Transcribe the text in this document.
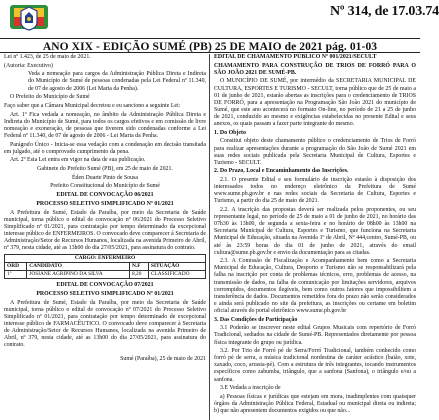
Nº 314, de 17.03.74
ANO XIX - EDIÇÃO SUMÉ (PB) 25 DE MAIO de 2021 pág. 01-03

Lei nº 1.423, de 25 de maio de 2021.

(Autoria: Executivo)

Veda a nomeação para cargos da Administração Pública Direta e Indireta do Município de Sumé de pessoas condenadas pela Lei Federal nº 11.340, de 07 de agosto de 2006 (Lei Maria da Penha).

O Prefeito do Município de Sumé

Faço saber que a Câmara Municipal decretou e eu sanciono a seguinte Lei:

Art. 1º Fica vedada a nomeação, no âmbito da Administração Pública Direta e Indireta do Município de Sumé, para todos os cargos efetivos e em comissão de livre nomeação e exoneração, de pessoas que tiverem sido condenadas conforme a Lei Federal nº 11.340, de 07 de agosto de 2006 - Lei Maria da Penha.

Parágrafo Único - Inicia-se essa vedação com a condenação em decisão transitada em julgado, até o comprovado cumprimento da pena.

Art. 2º Esta Lei entra em vigor na data de sua publicação.

Gabinete do Prefeito Sumé (PB), em 25 de maio de 2021.

Éden Duarte Pinto de Sousa

Prefeito Constitucional do Município de Sumé

EDITAL DE CONVOCAÇÃO 06/2021

PROCESSO SELETIVO SIMPLIFICADO Nº 01/2021

A Prefeitura de Sumé, Estado da Paraíba, por meio da Secretaria de Saúde municipal, torna público o edital de convocação nº 06/2021 do Processo Seletivo Simplificado nº 01/2021, para contratação por tempo determinado da excepcional interesse público de ENFERMEIROS. O convocado deve comparecer à Secretaria de Administração/Setor de Recursos Humanos, localizada na avenida Primeiro de Abril, nº 379, nesta cidade, até as 13h00 do dia 27/05/2021, para assinatura do contrato.

CARGO: ENFERMEIRO			
ORD	CANDIDATO	N.F	SITUAÇÃO
1º	JOSIANE AGRIPINO DA SILVA	8,20	CLASSIFICADO

EDITAL DE CONVOCAÇÃO 07/2021

PROCESSO SELETIVO SIMPLIFICADO Nº 01/2021

A Prefeitura de Sumé, Estado da Paraíba, por meio da Secretaria de Saúde municipal, torna público o edital de convocação nº 07/2021 do Processo Seletivo Simplificado nº 01/2021, para contratação por tempo determinado de excepcional interesse público de FARMACÊUTICO. O convocado deve comparecer à Secretaria de Administração/Setor de Recursos Humanos, localizada na avenida Primeiro de Abril, nº 379, nesta cidade, até as 13h00 do dia 27/05/2021, para assinatura do contrato.

Sumé (Paraíba), 25 de maio de 2021

EDITAL DE CHAMAMENTO PÚBLICO Nº 001/2021/SECULT

CHAMAMENTO PARA CONSTRUÇÃO DE TRIOS DE FORRÓ PARA O SÃO JOÃO 2021 DE SUMÉ-PB.

O MUNICÍPIO DE SUMÉ, por intermédio da SECRETARIA MUNICIPAL DE CULTURA, ESPORTES E TURISMO - SECULT, torna público que de 25 de maio a 01 de junho de 2021, estarão abertas as inscrições para o credenciamento de TRIOS DE FORRÓ, para a apresentação na Programação São João 2021 do município de Sumé, que este ano acontecerá no formato On-line, no período de 21 a 25 de junho de 2021, conduzido ao mesmo e exigências estabelecidas no presente Edital e seus anexos, os quais passam a fazer parte integrante do mesmo.

1. Do Objeto

Constitui objeto deste chamamento público o credenciamento de Trios de Forró para realizar apresentações durante a programação do São João de Sumé 2021 em suas redes sociais publicada pela Secretaria Municipal de Cultura, Esportes e Turismo - SECULT.

2. Do Prazo, Local e Encaminhamento das Inscrições.

2.1. O presente Edital e seu formulário de inscrição estarão à disposição dos interessados todos no endereço eletrônico da Prefeitura de Sumé www.sume.pb.gov.br e nas redes sociais da Secretaria de Cultura, Esportes e Turismo, a partir do dia 25 de maio de 2021.

2.2. A inscrição das propostas deverá ser realizada pelos proponentes, ou seu representante legal, no período de 25 de maio a 01 de junho de 2021, no horário das 07h30 às 13h00, de segunda a sexta-feira e no horário de 08h00 às 13h00 na Secretaria Municipal de Cultura, Esportes e Turismo, que funciona na Secretaria Municipal de Educação, situada na Avenida 1º de Abril, Nº 444,centro, Sumé-PB, ou até às 23:59 horas do dia 01 de junho de 2021, através do email cultura@sume.pb.gov.br e envio da documentação para as citadas.

2.3. A Comissão de Fiscalização e Acompanhamento bem como a Secretaria Municipal de Educação, Cultura, Desporto e Turismo não se responsabilizará pela falha na inscrição por conta de problemas técnicos, erro, problemas de acesso, na transmissão de dados, na falha de comunicação por limitações servidores, arquivos corrompidos, documentos ilegíveis, bem como outros fatores que impossibilitem a transferência de dados. Documentos remetidos fora do prazo não serão considerados e ainda será publicado no site da prefeitura, as inscrições ou certame em boletim oficial através do portal eletrônico www.sume.pb.gov.br

3. Das Condições de Participação

3.1 Poderão se inscrever neste edital Grupos Musicais com repertório de Forró Tradicional, sediados na cidade de Sumé-PB. Representados diretamente por pessoa física integrante do grupo ou jurídica.

3.2. Por Trio de Forró pé de Serra/Forró Tradicional, também conhecido como forró pé de serra, a música tradicional nordestina de caráter acústico (baião, xote, xaxado, coco, arrasta-pé). Com a estrutura de três integrantes, tocando instrumentos específicos como zabumba, triângulo, que a sanfona (Sanfona), o triângulo e/ou a sanfona.

3.E Vedada a inscrição de

a) Pessoas físicas e jurídicas que estejam em mora, inadimplentes com quaisquer órgãos da Administração Pública Federal, Estadual ou municipal direta ou indireta; b) que não apresentem documentos exigidos ou que não...
